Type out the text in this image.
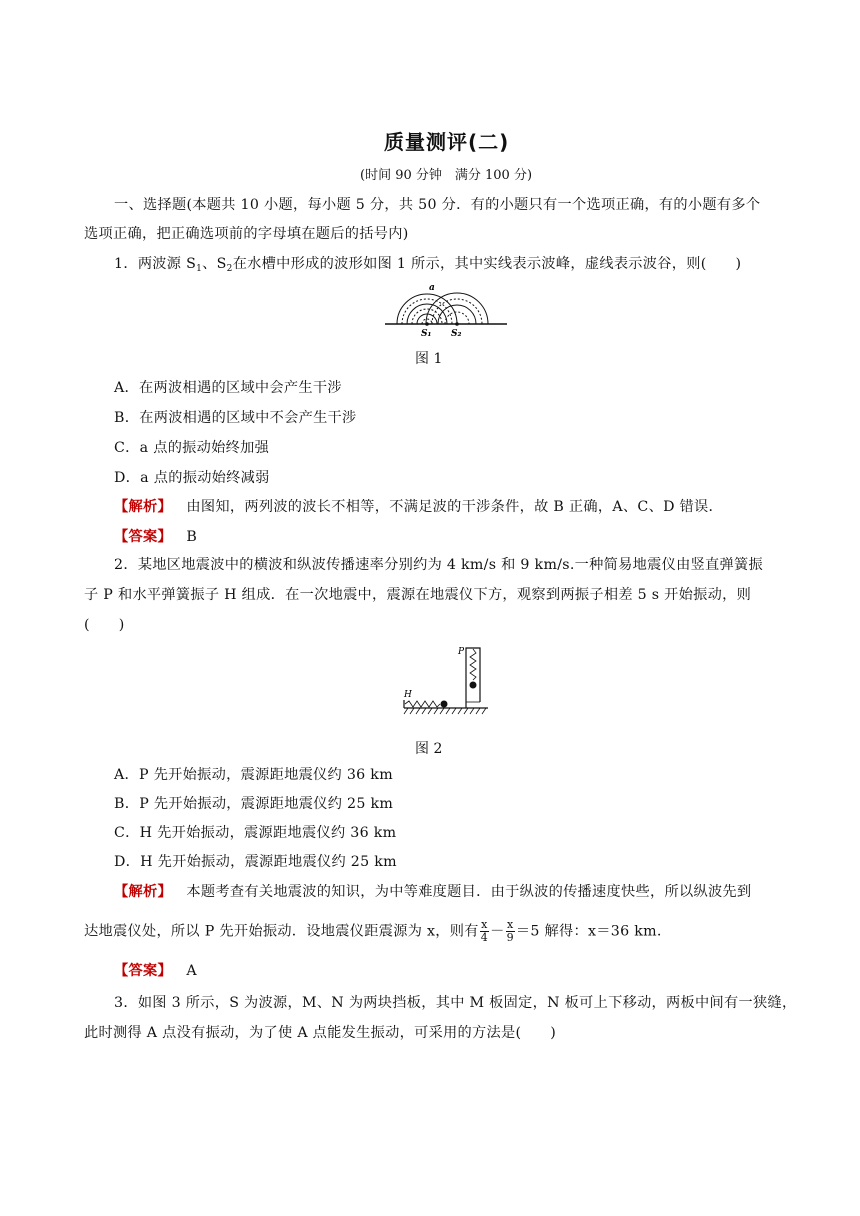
质量测评(二)
(时间 90 分钟　满分 100 分)
一、选择题(本题共 10 小题，每小题 5 分，共 50 分．有的小题只有一个选项正确，有的小题有多个
选项正确，把正确选项前的字母填在题后的括号内)
1．两波源 $S_1$、$S_2$在水槽中形成的波形如图 1 所示，其中实线表示波峰，虚线表示波谷，则(　　)
a
S₁ S₂
图 1
A．在两波相遇的区域中会产生干涉
B．在两波相遇的区域中不会产生干涉
C．a 点的振动始终加强
D．a 点的振动始终减弱
【解析】 由图知，两列波的波长不相等，不满足波的干涉条件，故 B 正确，A、C、D 错误．
【答案】 B
2．某地区地震波中的横波和纵波传播速率分别约为 4 km/s 和 9 km/s.一种简易地震仪由竖直弹簧振
子 P 和水平弹簧振子 H 组成．在一次地震中，震源在地震仪下方，观察到两振子相差 5 s 开始振动，则
(　　)
P
H
图 2
A．P 先开始振动，震源距地震仪约 36 km
B．P 先开始振动，震源距地震仪约 25 km
C．H 先开始振动，震源距地震仪约 36 km
D．H 先开始振动，震源距地震仪约 25 km
【解析】 本题考查有关地震波的知识，为中等难度题目．由于纵波的传播速度快些，所以纵波先到
达地震仪处，所以 P 先开始振动．设地震仪距震源为 x，则有 $\frac{x}{4} - \frac{x}{9} =5$ 解得：x＝36 km.
【答案】 A
3．如图 3 所示，S 为波源，M、N 为两块挡板，其中 M 板固定，N 板可上下移动，两板中间有一狭缝，
此时测得 A 点没有振动，为了使 A 点能发生振动，可采用的方法是(　　)
